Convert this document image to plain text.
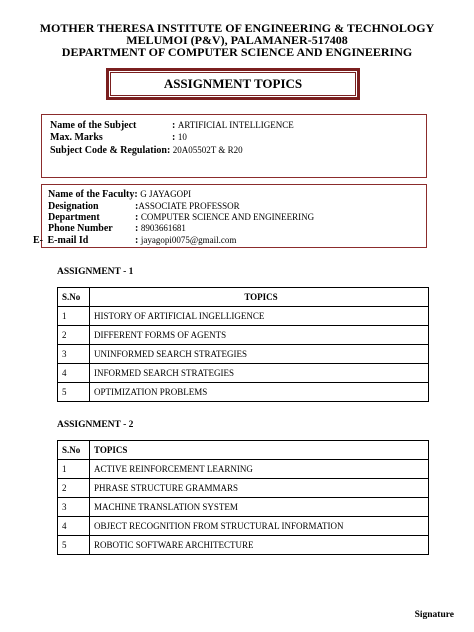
MOTHER THERESA INSTITUTE OF ENGINEERING & TECHNOLOGY
MELUMOI (P&V), PALAMANER-517408
DEPARTMENT OF COMPUTER SCIENCE AND ENGINEERING
ASSIGNMENT TOPICS
Name of the Subject	: ARTIFICIAL INTELLIGENCE
Max. Marks	: 10
Subject Code & Regulation: 20A05502T & R20
Name of the Faculty: G JAYAGOPI
Designation	:ASSOCIATE PROFESSOR
Department	: COMPUTER SCIENCE AND ENGINEERING
Phone Number : 8903661681
E- E-mail Id	: jayagopi0075@gmail.com
ASSIGNMENT - 1
S.No	TOPICS
1	HISTORY OF ARTIFICIAL INGELLIGENCE
2	DIFFERENT FORMS OF AGENTS
3	UNINFORMED SEARCH STRATEGIES
4	INFORMED SEARCH STRATEGIES
5	OPTIMIZATION PROBLEMS
ASSIGNMENT - 2
S.No	TOPICS
1	ACTIVE REINFORCEMENT LEARNING
2	PHRASE STRUCTURE GRAMMARS
3	MACHINE TRANSLATION SYSTEM
4	OBJECT RECOGNITION FROM STRUCTURAL INFORMATION
5	ROBOTIC SOFTWARE ARCHITECTURE
Signature
